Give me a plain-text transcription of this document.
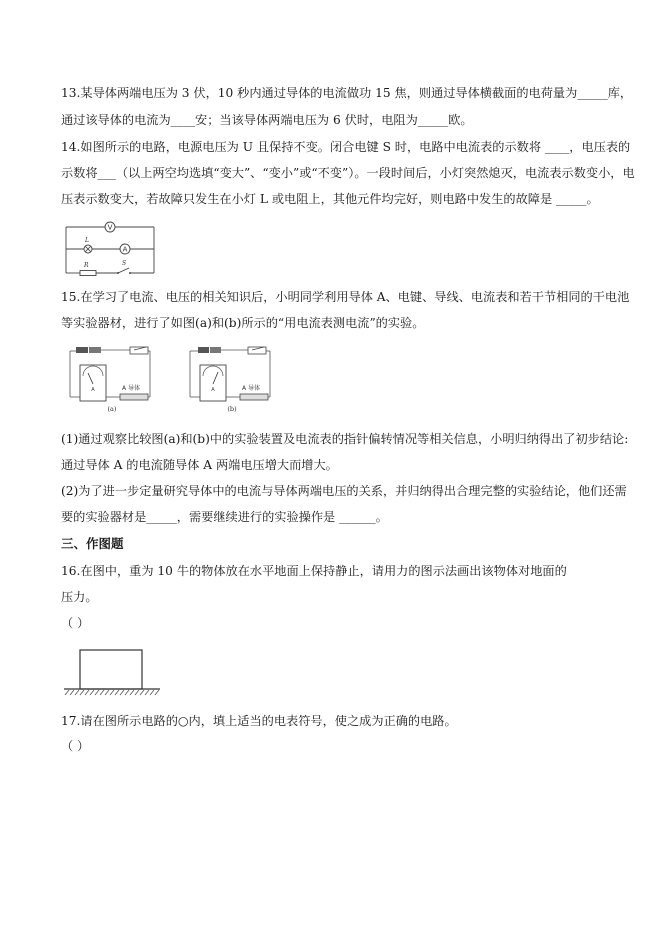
13.某导体两端电压为 3 伏，10 秒内通过导体的电流做功 15 焦，则通过导体横截面的电荷量为_____库，
通过该导体的电流为____安；当该导体两端电压为 6 伏时，电阻为_____欧。
14.如图所示的电路，电源电压为 U 且保持不变。闭合电键 S 时，电路中电流表的示数将 ____，电压表的
示数将___（以上两空均选填“变大”、“变小”或“不变”）。一段时间后，小灯突然熄灭，电流表示数变小，电
压表示数变大，若故障只发生在小灯 L 或电阻上，其他元件均完好，则电路中发生的故障是 _____。
V
L
A
R	S
15.在学习了电流、电压的相关知识后，小明同学利用导体 A、电键、导线、电流表和若干节相同的干电池
等实验器材，进行了如图(a)和(b)所示的“用电流表测电流”的实验。
A	A 导体
(a)
A	A 导体
(b)
(1)通过观察比较图(a)和(b)中的实验装置及电流表的指针偏转情况等相关信息，小明归纳得出了初步结论:
通过导体 A 的电流随导体 A 两端电压增大而增大。
(2)为了进一步定量研究导体中的电流与导体两端电压的关系，并归纳得出合理完整的实验结论，他们还需
要的实验器材是_____，需要继续进行的实验操作是 ______。
三、作图题
16.在图中，重为 10 牛的物体放在水平地面上保持静止，请用力的图示法画出该物体对地面的
压力。
（ ）
17.请在图所示电路的○内，填上适当的电表符号，使之成为正确的电路。
（ ）
